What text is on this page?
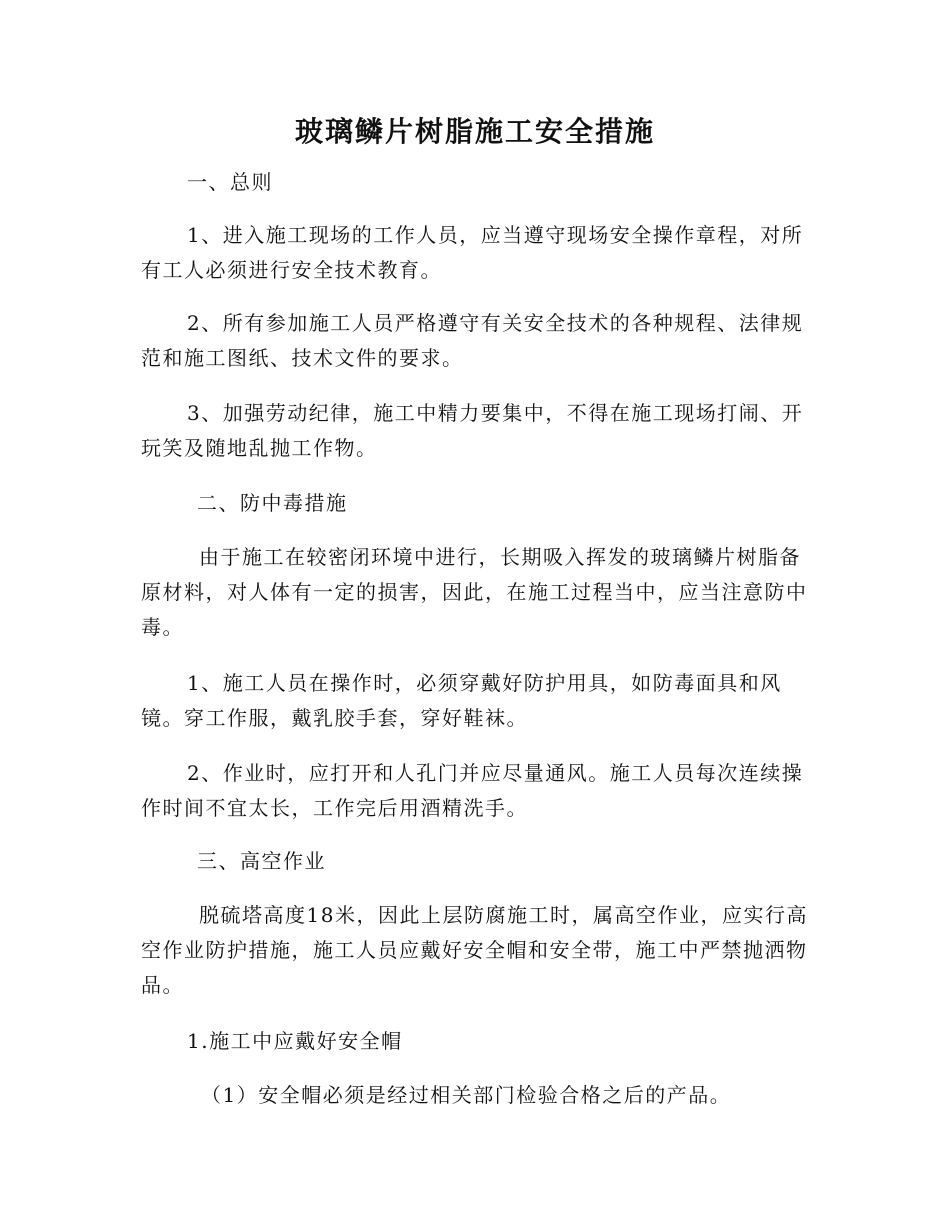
玻璃鳞片树脂施工安全措施

一、总则

1、进入施工现场的工作人员，应当遵守现场安全操作章程，对所有工人必须进行安全技术教育。

2、所有参加施工人员严格遵守有关安全技术的各种规程、法律规范和施工图纸、技术文件的要求。

3、加强劳动纪律，施工中精力要集中，不得在施工现场打闹、开玩笑及随地乱抛工作物。

二、防中毒措施

由于施工在较密闭环境中进行，长期吸入挥发的玻璃鳞片树脂备原材料，对人体有一定的损害，因此，在施工过程当中，应当注意防中毒。

1、施工人员在操作时，必须穿戴好防护用具，如防毒面具和风镜。穿工作服，戴乳胶手套，穿好鞋袜。

2、作业时，应打开和人孔门并应尽量通风。施工人员每次连续操作时间不宜太长，工作完后用酒精洗手。

三、高空作业

脱硫塔高度18米，因此上层防腐施工时，属高空作业，应实行高空作业防护措施，施工人员应戴好安全帽和安全带，施工中严禁抛洒物品。

1.施工中应戴好安全帽

（1）安全帽必须是经过相关部门检验合格之后的产品。
